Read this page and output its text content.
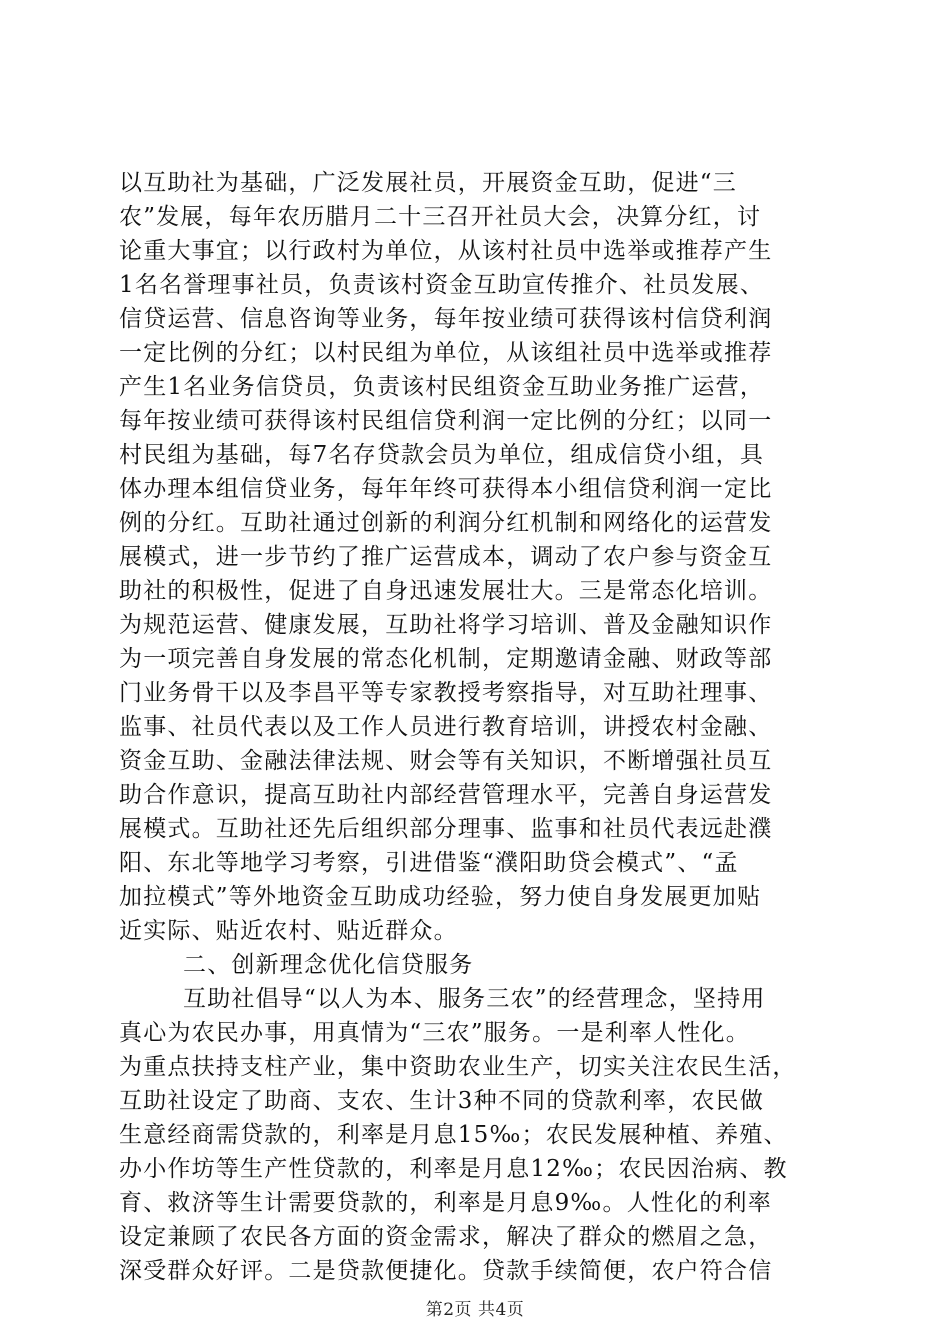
以互助社为基础，广泛发展社员，开展资金互助，促进“三
农”发展，每年农历腊月二十三召开社员大会，决算分红，讨
论重大事宜；以行政村为单位，从该村社员中选举或推荐产生
1名名誉理事社员，负责该村资金互助宣传推介、社员发展、
信贷运营、信息咨询等业务，每年按业绩可获得该村信贷利润
一定比例的分红；以村民组为单位，从该组社员中选举或推荐
产生1名业务信贷员，负责该村民组资金互助业务推广运营，
每年按业绩可获得该村民组信贷利润一定比例的分红；以同一
村民组为基础，每7名存贷款会员为单位，组成信贷小组，具
体办理本组信贷业务，每年年终可获得本小组信贷利润一定比
例的分红。互助社通过创新的利润分红机制和网络化的运营发
展模式，进一步节约了推广运营成本，调动了农户参与资金互
助社的积极性，促进了自身迅速发展壮大。三是常态化培训。
为规范运营、健康发展，互助社将学习培训、普及金融知识作
为一项完善自身发展的常态化机制，定期邀请金融、财政等部
门业务骨干以及李昌平等专家教授考察指导，对互助社理事、
监事、社员代表以及工作人员进行教育培训，讲授农村金融、
资金互助、金融法律法规、财会等有关知识，不断增强社员互
助合作意识，提高互助社内部经营管理水平，完善自身运营发
展模式。互助社还先后组织部分理事、监事和社员代表远赴濮
阳、东北等地学习考察，引进借鉴“濮阳助贷会模式”、“孟
加拉模式”等外地资金互助成功经验，努力使自身发展更加贴
近实际、贴近农村、贴近群众。
二、创新理念优化信贷服务
互助社倡导“以人为本、服务三农”的经营理念，坚持用
真心为农民办事，用真情为“三农”服务。一是利率人性化。
为重点扶持支柱产业，集中资助农业生产，切实关注农民生活，
互助社设定了助商、支农、生计3种不同的贷款利率，农民做
生意经商需贷款的，利率是月息15‰；农民发展种植、养殖、
办小作坊等生产性贷款的，利率是月息12‰；农民因治病、教
育、救济等生计需要贷款的，利率是月息9‰。人性化的利率
设定兼顾了农民各方面的资金需求，解决了群众的燃眉之急，
深受群众好评。二是贷款便捷化。贷款手续简便，农户符合信
第2页 共4页
